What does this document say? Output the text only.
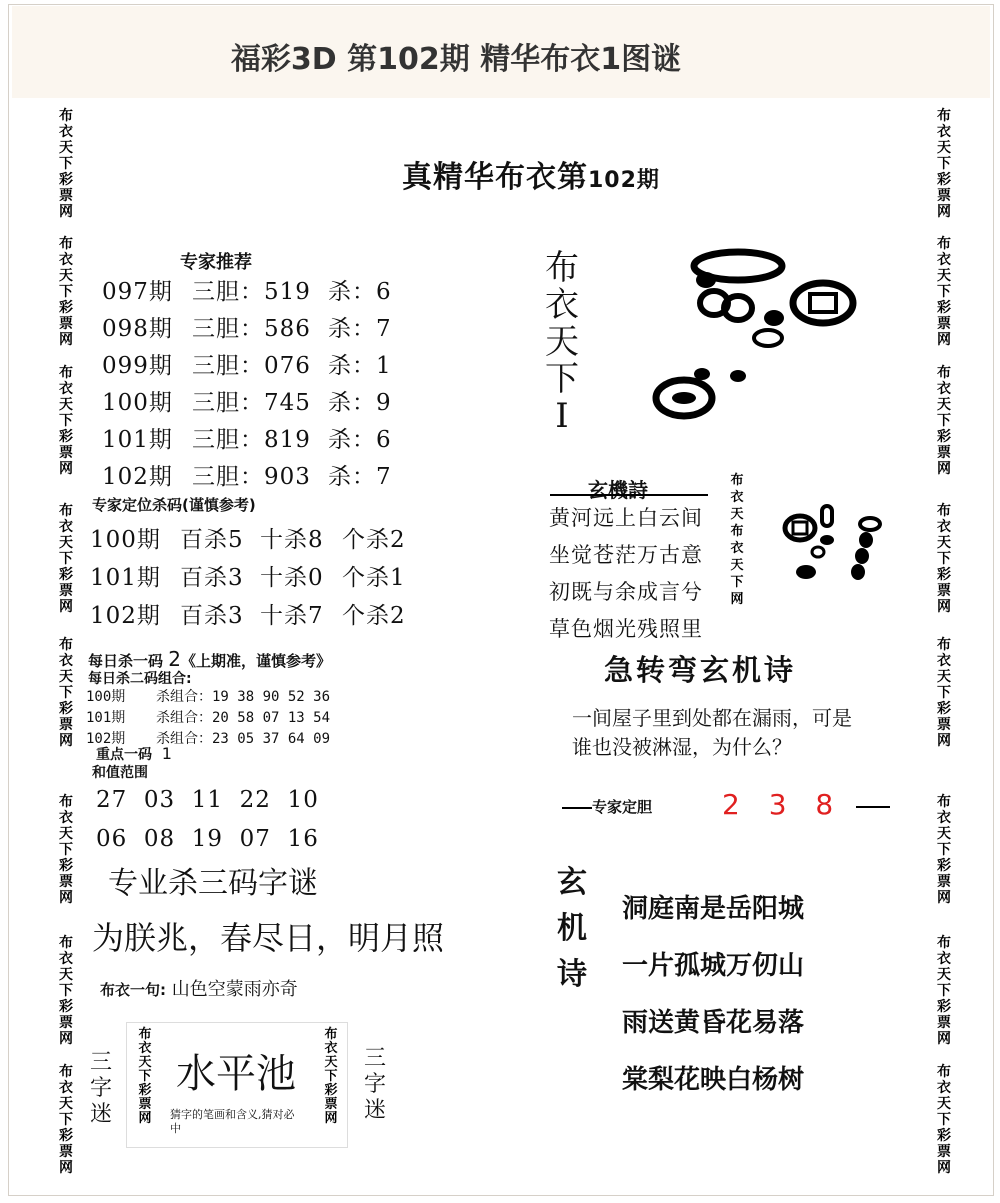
福彩3D 第102期 精华布衣1图谜
布
衣
天
下
彩
票
网
布
衣
天
下
彩
票
网
布
衣
天
下
彩
票
网
布
衣
天
下
彩
票
网
布
衣
天
下
彩
票
网
布
衣
天
下
彩
票
网
布
衣
天
下
彩
票
网
布
衣
天
下
彩
票
网
布
衣
天
下
彩
票
网
布
衣
天
下
彩
票
网
布
衣
天
下
彩
票
网
布
衣
天
下
彩
票
网
布
衣
天
下
彩
票
网
布
衣
天
下
彩
票
网
布
衣
天
下
彩
票
网
布
衣
天
下
彩
票
网
真精华布衣第102期
专家推荐
097期 三胆：519 杀：6
098期 三胆：586 杀：7
099期 三胆：076 杀：1
100期 三胆：745 杀：9
101期 三胆：819 杀：6
102期 三胆：903 杀：7
专家定位杀码(谨慎参考)
100期 百杀5 十杀8 个杀2
101期 百杀3 十杀0 个杀1
102期 百杀3 十杀7 个杀2
每日杀一码 2《上期准，谨慎参考》
每日杀二码组合:
100期 杀组合：19 38 90 52 36
101期 杀组合：20 58 07 13 54
102期 杀组合：23 05 37 64 09
重点一码 1
和值范围
27  03  11  22  10
06  08  19  07  16
专业杀三码字谜
为朕兆，春尽日，明月照
布衣一句: 山色空蒙雨亦奇
三字迷
布
衣
天
下
彩
票
网
水平池
猜字的笔画和含义,猜对必中
布
衣
天
下
彩
票
网
三字迷
布
衣
天
下
I
玄機詩
黄河远上白云间
坐觉苍茫万古意
初既与余成言兮
草色烟光残照里
布
衣
天
布
衣
天
下
网
急转弯玄机诗
一间屋子里到处都在漏雨，可是
谁也没被淋湿，为什么？
专家定胆 2 3 8
玄
机
诗
洞庭南是岳阳城
一片孤城万仞山
雨送黄昏花易落
棠梨花映白杨树
